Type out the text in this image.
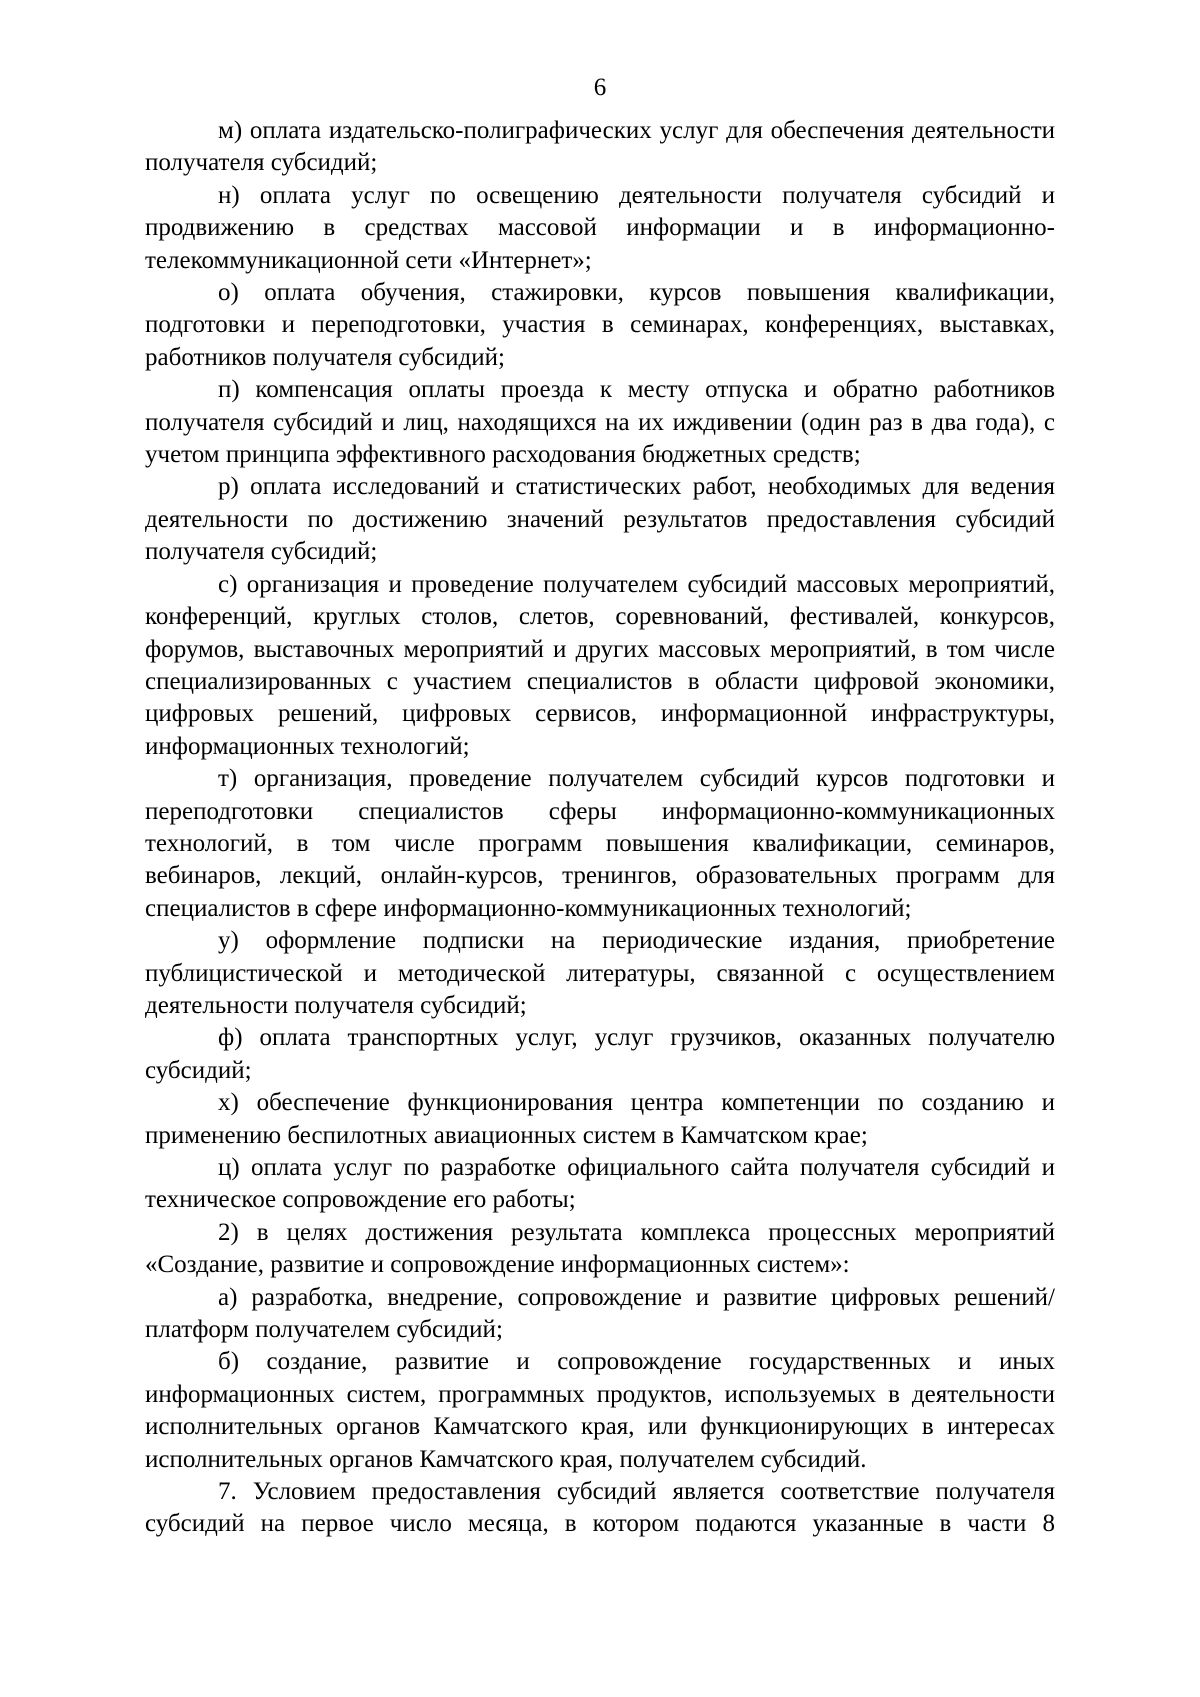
6

м) оплата издательско-полиграфических услуг для обеспечения деятельности получателя субсидий;

н) оплата услуг по освещению деятельности получателя субсидий и продвижению в средствах массовой информации и в информационно-телекоммуникационной сети «Интернет»;

о) оплата обучения, стажировки, курсов повышения квалификации, подготовки и переподготовки, участия в семинарах, конференциях, выставках, работников получателя субсидий;

п) компенсация оплаты проезда к месту отпуска и обратно работников получателя субсидий и лиц, находящихся на их иждивении (один раз в два года), с учетом принципа эффективного расходования бюджетных средств;

р) оплата исследований и статистических работ, необходимых для ведения деятельности по достижению значений результатов предоставления субсидий получателя субсидий;

с) организация и проведение получателем субсидий массовых мероприятий, конференций, круглых столов, слетов, соревнований, фестивалей, конкурсов, форумов, выставочных мероприятий и других массовых мероприятий, в том числе специализированных с участием специалистов в области цифровой экономики, цифровых решений, цифровых сервисов, информационной инфраструктуры, информационных технологий;

т) организация, проведение получателем субсидий курсов подготовки и переподготовки специалистов сферы информационно-коммуникационных технологий, в том числе программ повышения квалификации, семинаров, вебинаров, лекций, онлайн-курсов, тренингов, образовательных программ для специалистов в сфере информационно-коммуникационных технологий;

у) оформление подписки на периодические издания, приобретение публицистической и методической литературы, связанной с осуществлением деятельности получателя субсидий;

ф) оплата транспортных услуг, услуг грузчиков, оказанных получателю субсидий;

х) обеспечение функционирования центра компетенции по созданию и применению беспилотных авиационных систем в Камчатском крае;

ц) оплата услуг по разработке официального сайта получателя субсидий и техническое сопровождение его работы;

2) в целях достижения результата комплекса процессных мероприятий «Создание, развитие и сопровождение информационных систем»:

а) разработка, внедрение, сопровождение и развитие цифровых решений/платформ получателем субсидий;

б) создание, развитие и сопровождение государственных и иных информационных систем, программных продуктов, используемых в деятельности исполнительных органов Камчатского края, или функционирующих в интересах исполнительных органов Камчатского края, получателем субсидий.

7. Условием предоставления субсидий является соответствие получателя субсидий на первое число месяца, в котором подаются указанные в части 8
